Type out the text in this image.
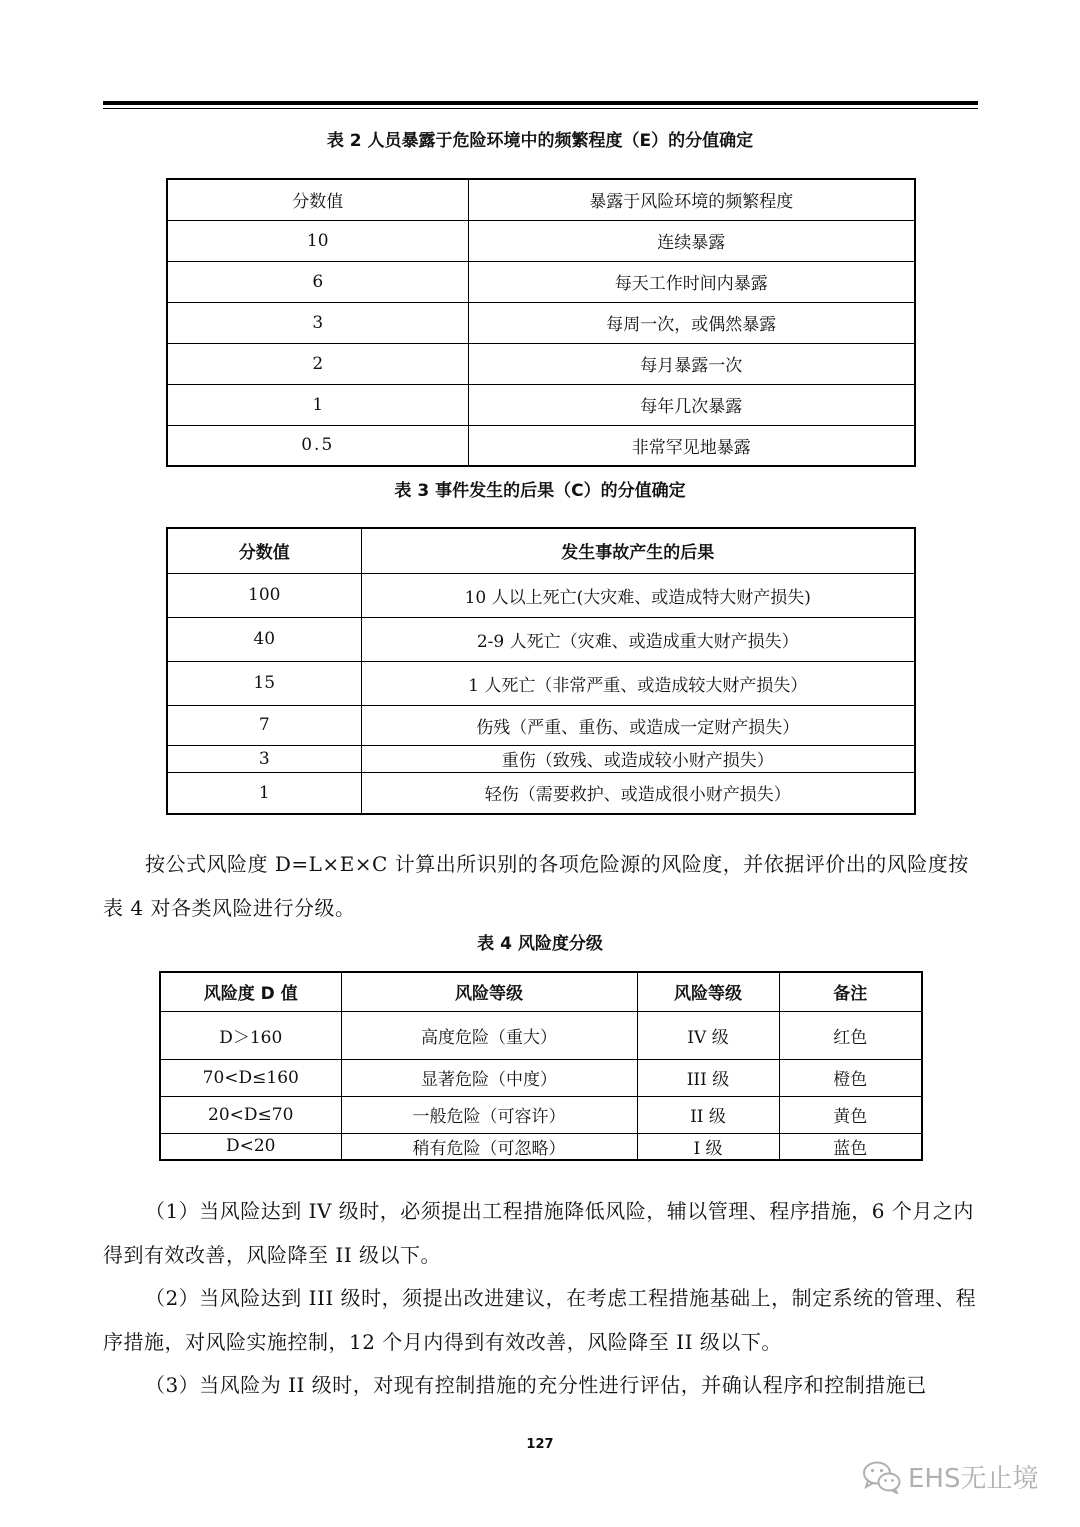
表 2 人员暴露于危险环境中的频繁程度（E）的分值确定
分数值	暴露于风险环境的频繁程度
10	连续暴露
6	每天工作时间内暴露
3	每周一次，或偶然暴露
2	每月暴露一次
1	每年几次暴露
0.5	非常罕见地暴露
表 3 事件发生的后果（C）的分值确定
分数值	发生事故产生的后果
100	10 人以上死亡(大灾难、或造成特大财产损失)
40	2-9 人死亡（灾难、或造成重大财产损失）
15	1 人死亡（非常严重、或造成较大财产损失）
7	伤残（严重、重伤、或造成一定财产损失）
3	重伤（致残、或造成较小财产损失）
1	轻伤（需要救护、或造成很小财产损失）
按公式风险度 D=L×E×C 计算出所识别的各项危险源的风险度，并依据评价出的风险度按表 4 对各类风险进行分级。
表 4 风险度分级
风险度 D 值	风险等级	风险等级	备注
D＞160	高度危险（重大）	IV 级	红色
70<D≤160	显著危险（中度）	III 级	橙色
20<D≤70	一般危险（可容许）	II 级	黄色
D<20	稍有危险（可忽略）	I 级	蓝色
（1）当风险达到 IV 级时，必须提出工程措施降低风险，辅以管理、程序措施，6 个月之内得到有效改善，风险降至 II 级以下。
（2）当风险达到 III 级时，须提出改进建议，在考虑工程措施基础上，制定系统的管理、程序措施，对风险实施控制，12 个月内得到有效改善，风险降至 II 级以下。
（3）当风险为 II 级时，对现有控制措施的充分性进行评估，并确认程序和控制措施已
127
EHS无止境
